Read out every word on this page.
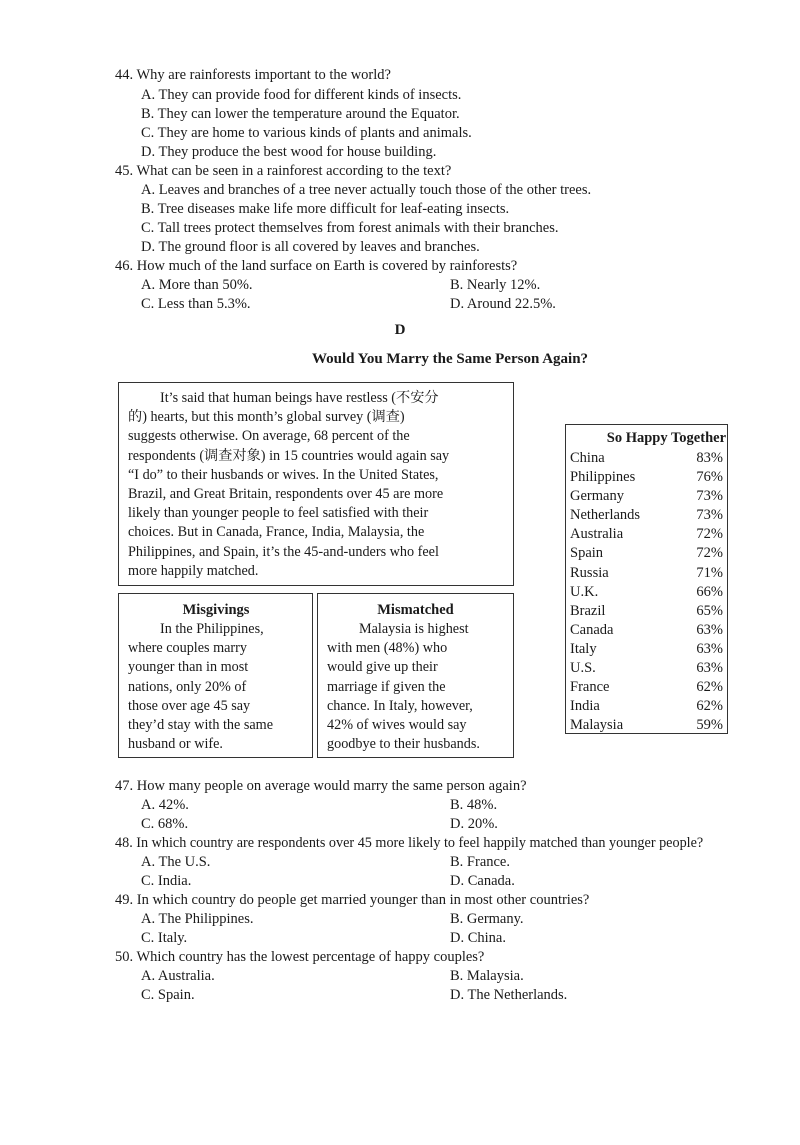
44. Why are rainforests important to the world?
A. They can provide food for different kinds of insects.
B. They can lower the temperature around the Equator.
C. They are home to various kinds of plants and animals.
D. They produce the best wood for house building.
45. What can be seen in a rainforest according to the text?
A. Leaves and branches of a tree never actually touch those of the other trees.
B. Tree diseases make life more difficult for leaf-eating insects.
C. Tall trees protect themselves from forest animals with their branches.
D. The ground floor is all covered by leaves and branches.
46. How much of the land surface on Earth is covered by rainforests?
A. More than 50%.	B. Nearly 12%.
C. Less than 5.3%.	D. Around 22.5%.
D
Would You Marry the Same Person Again?

It’s said that human beings have restless (不安分

的) hearts, but this month’s global survey (调查)

suggests otherwise. On average, 68 percent of the

respondents (调查对象) in 15 countries would again say

“I do” to their husbands or wives. In the United States,

Brazil, and Great Britain, respondents over 45 are more

likely than younger people to feel satisfied with their

choices. But in Canada, France, India, Malaysia, the

Philippines, and Spain, it’s the 45-and-unders who feel

more happily matched.

Misgivings

In the Philippines,

where couples marry

younger than in most

nations, only 20% of

those over age 45 say

they’d stay with the same

husband or wife.

Mismatched

Malaysia is highest

with men (48%) who

would give up their

marriage if given the

chance. In Italy, however,

42% of wives would say

goodbye to their husbands.

So Happy Together
China	83%
Philippines	76%
Germany	73%
Netherlands	73%
Australia	72%
Spain	72%
Russia	71%
U.K.	66%
Brazil	65%
Canada	63%
Italy	63%
U.S.	63%
France	62%
India	62%
Malaysia	59%
47. How many people on average would marry the same person again?
A. 42%.	B. 48%.
C. 68%.	D. 20%.
48. In which country are respondents over 45 more likely to feel happily matched than younger people?
A. The U.S.	B. France.
C. India.	D. Canada.
49. In which country do people get married younger than in most other countries?
A. The Philippines.	B. Germany.
C. Italy.	D. China.
50. Which country has the lowest percentage of happy couples?
A. Australia.	B. Malaysia.
C. Spain.	D. The Netherlands.
